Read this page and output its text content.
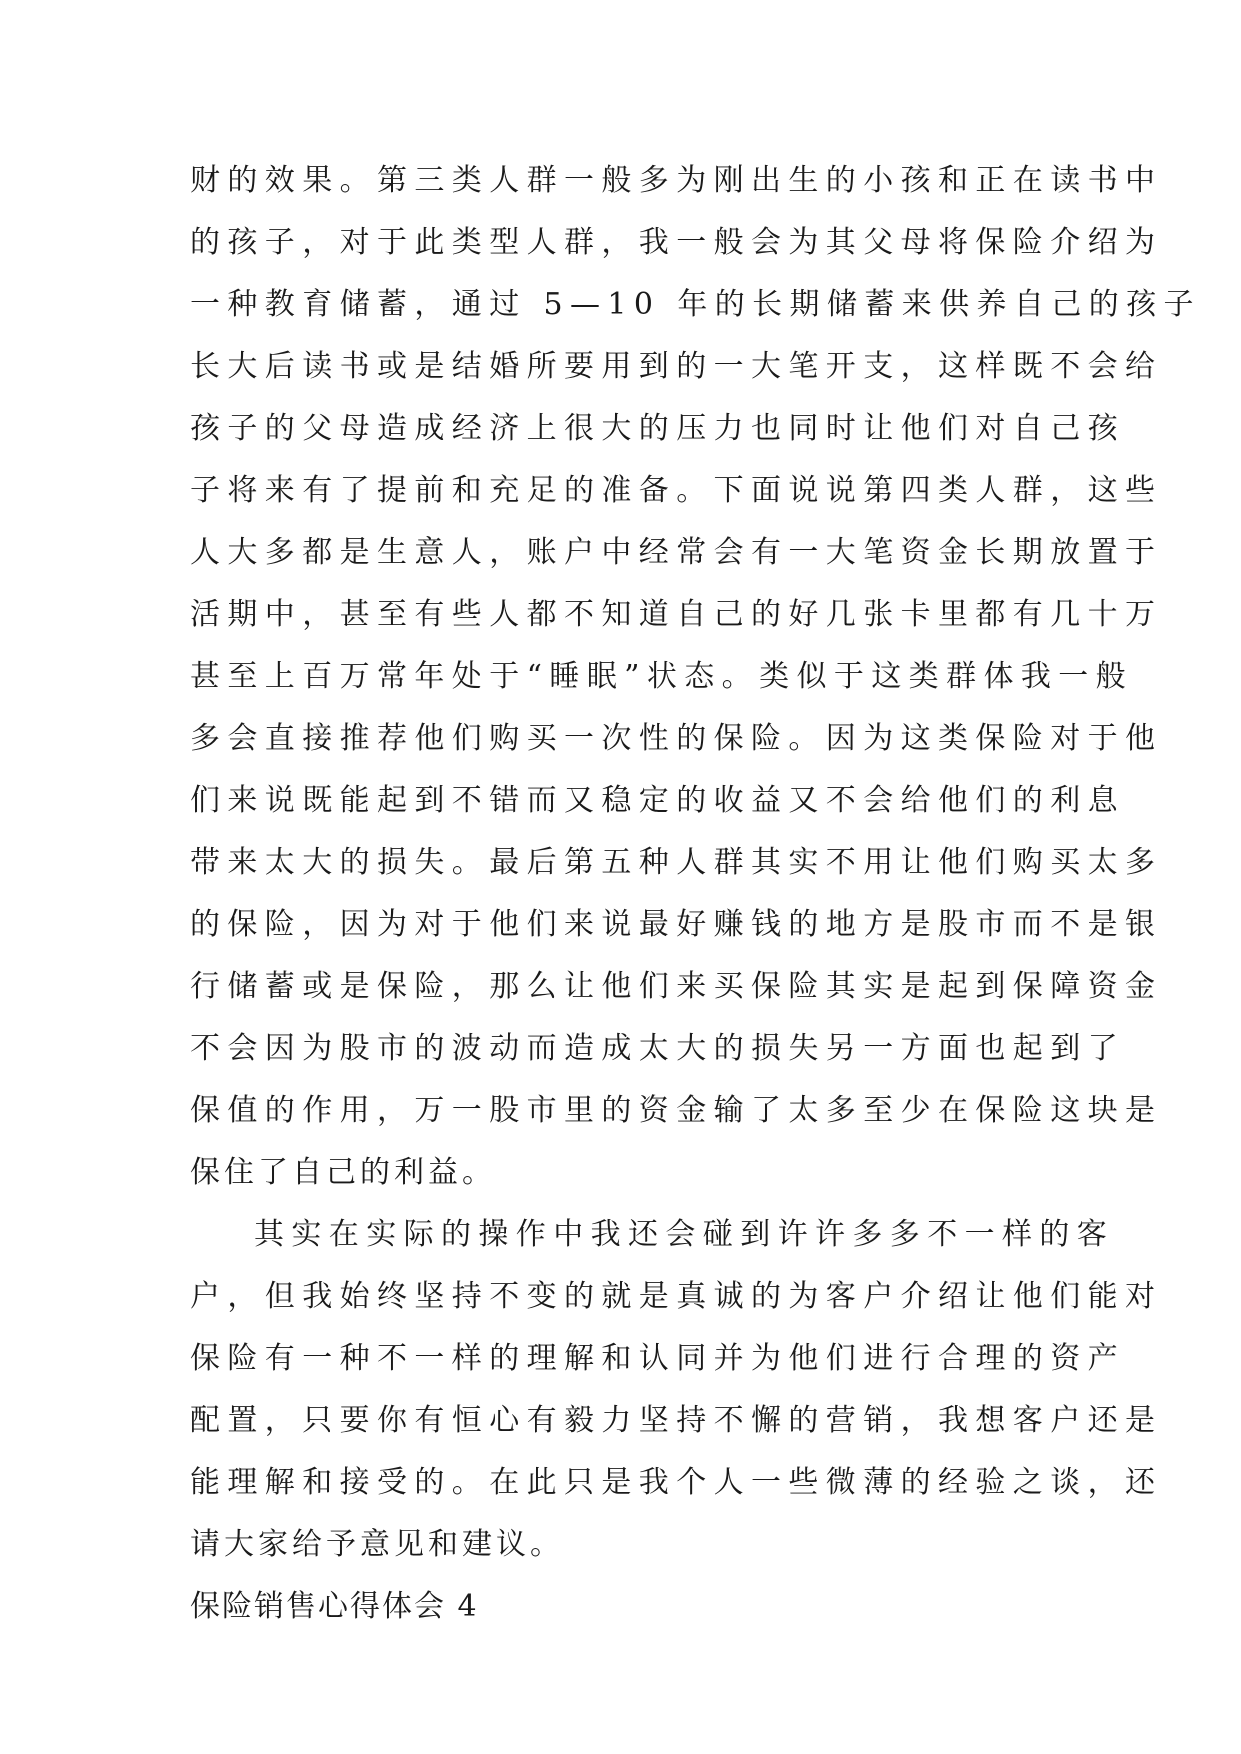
财的效果。第三类人群一般多为刚出生的小孩和正在读书中
的孩子，对于此类型人群，我一般会为其父母将保险介绍为
一种教育储蓄，通过 5—10 年的长期储蓄来供养自己的孩子
长大后读书或是结婚所要用到的一大笔开支，这样既不会给
孩子的父母造成经济上很大的压力也同时让他们对自己孩
子将来有了提前和充足的准备。下面说说第四类人群，这些
人大多都是生意人，账户中经常会有一大笔资金长期放置于
活期中，甚至有些人都不知道自己的好几张卡里都有几十万
甚至上百万常年处于“睡眠”状态。类似于这类群体我一般
多会直接推荐他们购买一次性的保险。因为这类保险对于他
们来说既能起到不错而又稳定的收益又不会给他们的利息
带来太大的损失。最后第五种人群其实不用让他们购买太多
的保险，因为对于他们来说最好赚钱的地方是股市而不是银
行储蓄或是保险，那么让他们来买保险其实是起到保障资金
不会因为股市的波动而造成太大的损失另一方面也起到了
保值的作用，万一股市里的资金输了太多至少在保险这块是
保住了自己的利益。
其实在实际的操作中我还会碰到许许多多不一样的客
户，但我始终坚持不变的就是真诚的为客户介绍让他们能对
保险有一种不一样的理解和认同并为他们进行合理的资产
配置，只要你有恒心有毅力坚持不懈的营销，我想客户还是
能理解和接受的。在此只是我个人一些微薄的经验之谈，还
请大家给予意见和建议。
保险销售心得体会 4
